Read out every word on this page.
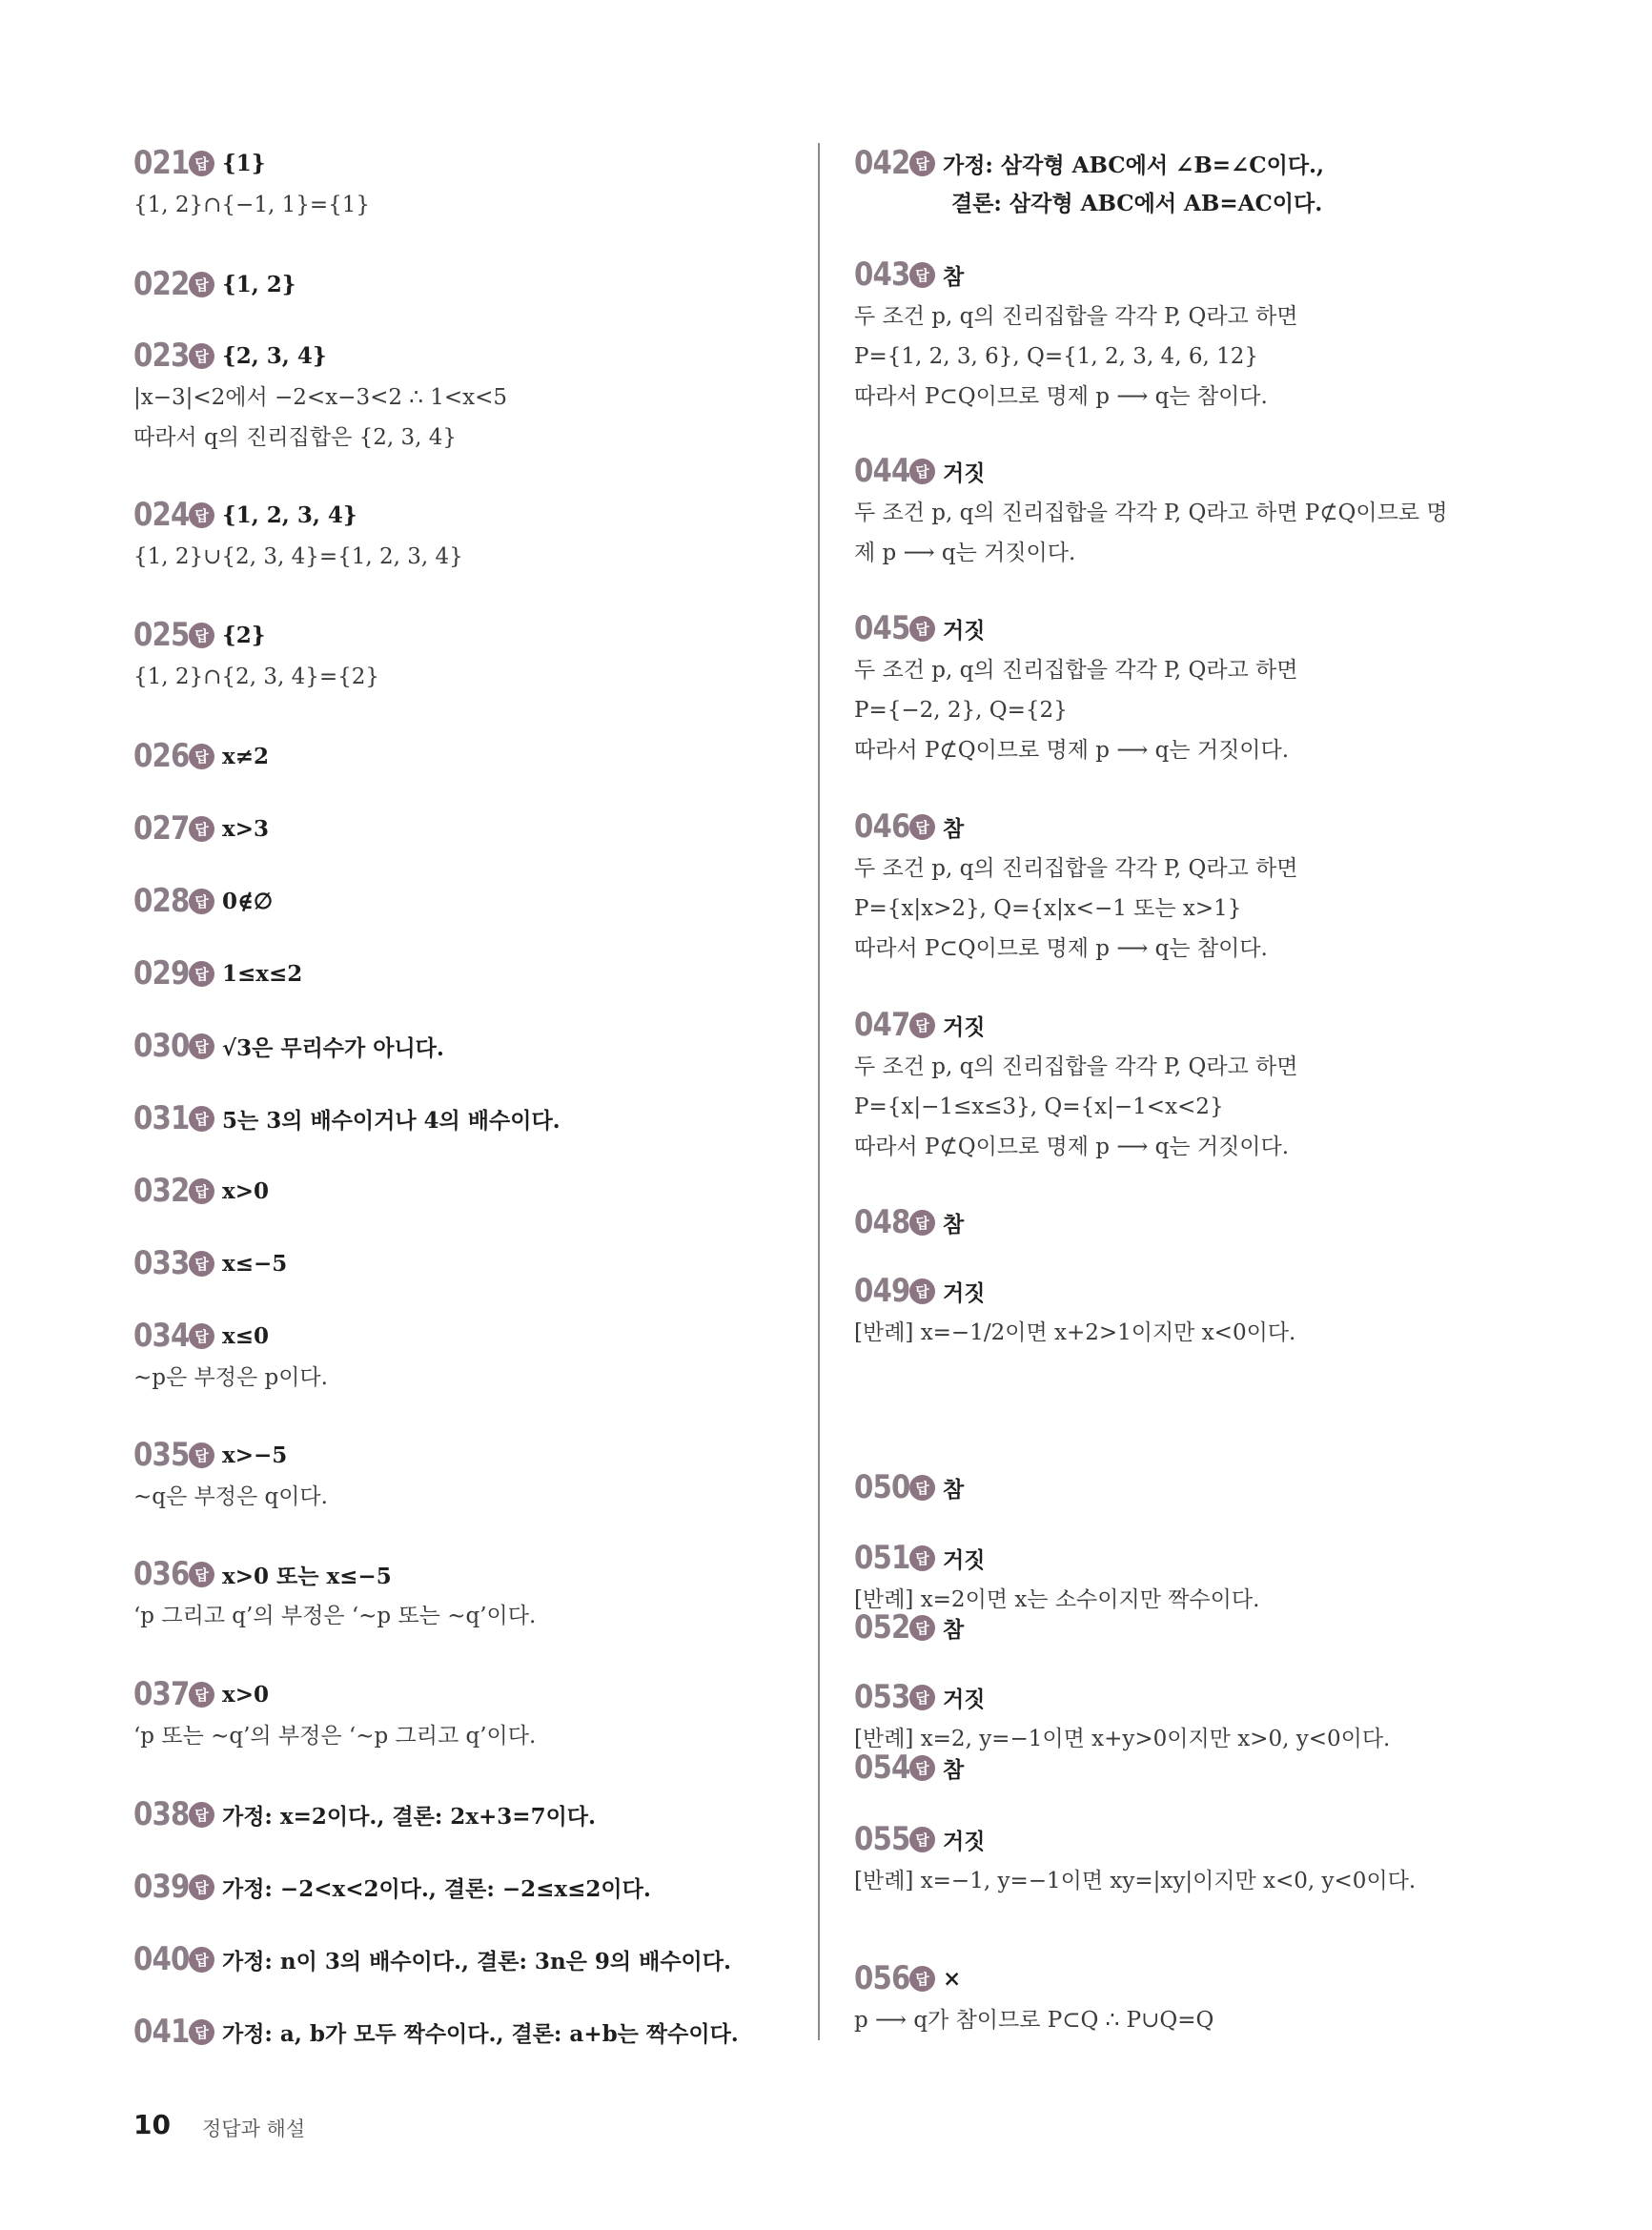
021 답 {1}
{1, 2}∩{−1, 1}={1}
022 답 {1, 2}
023 답 {2, 3, 4}
|x−3|<2에서 −2<x−3<2 ∴ 1<x<5
따라서 q의 진리집합은 {2, 3, 4}
024 답 {1, 2, 3, 4}
{1, 2}∪{2, 3, 4}={1, 2, 3, 4}
025 답 {2}
{1, 2}∩{2, 3, 4}={2}
026 답 x≠2
027 답 x>3
028 답 0∉∅
029 답 1≤x≤2
030 답 √3은 무리수가 아니다.
031 답 5는 3의 배수이거나 4의 배수이다.
032 답 x>0
033 답 x≤−5
034 답 x≤0
∼p은 부정은 p이다.
035 답 x>−5
∼q은 부정은 q이다.
036 답 x>0 또는 x≤−5
‘p 그리고 q’의 부정은 ‘∼p 또는 ∼q’이다.
037 답 x>0
‘p 또는 ∼q’의 부정은 ‘∼p 그리고 q’이다.
038 답 가정: x=2이다., 결론: 2x+3=7이다.
039 답 가정: −2<x<2이다., 결론: −2≤x≤2이다.
040 답 가정: n이 3의 배수이다., 결론: 3n은 9의 배수이다.
041 답 가정: a, b가 모두 짝수이다., 결론: a+b는 짝수이다.
042 답 가정: 삼각형 ABC에서 ∠B=∠C이다.,
결론: 삼각형 ABC에서 AB=AC이다.
043 답 참
두 조건 p, q의 진리집합을 각각 P, Q라고 하면
P={1, 2, 3, 6}, Q={1, 2, 3, 4, 6, 12}
따라서 P⊂Q이므로 명제 p ⟶ q는 참이다.
044 답 거짓
두 조건 p, q의 진리집합을 각각 P, Q라고 하면 P⊄Q이므로 명
제 p ⟶ q는 거짓이다.
045 답 거짓
두 조건 p, q의 진리집합을 각각 P, Q라고 하면
P={−2, 2}, Q={2}
따라서 P⊄Q이므로 명제 p ⟶ q는 거짓이다.
046 답 참
두 조건 p, q의 진리집합을 각각 P, Q라고 하면
P={x|x>2}, Q={x|x<−1 또는 x>1}
따라서 P⊂Q이므로 명제 p ⟶ q는 참이다.
047 답 거짓
두 조건 p, q의 진리집합을 각각 P, Q라고 하면
P={x|−1≤x≤3}, Q={x|−1<x<2}
따라서 P⊄Q이므로 명제 p ⟶ q는 거짓이다.
048 답 참
049 답 거짓
[반례] x=−1/2이면 x+2>1이지만 x<0이다.
050 답 참
051 답 거짓
[반례] x=2이면 x는 소수이지만 짝수이다.
052 답 참
053 답 거짓
[반례] x=2, y=−1이면 x+y>0이지만 x>0, y<0이다.
054 답 참
055 답 거짓
[반례] x=−1, y=−1이면 xy=|xy|이지만 x<0, y<0이다.
056 답 ×
p ⟶ q가 참이므로 P⊂Q ∴ P∪Q=Q
10 정답과 해설
